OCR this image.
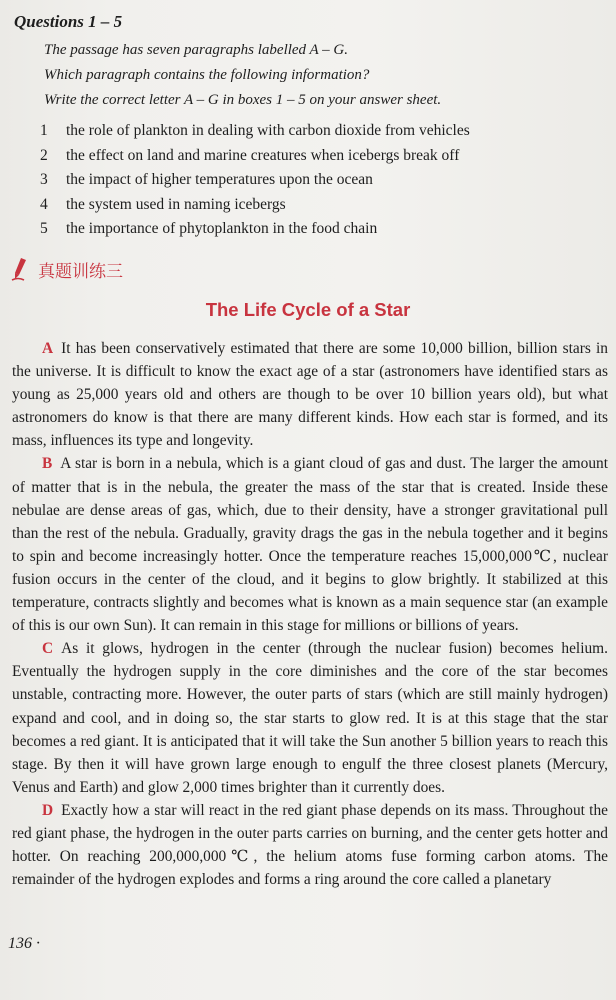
Questions 1 – 5
The passage has seven paragraphs labelled A – G.
Which paragraph contains the following information?
Write the correct letter A – G in boxes 1 – 5 on your answer sheet.
1 the role of plankton in dealing with carbon dioxide from vehicles
2 the effect on land and marine creatures when icebergs break off
3 the impact of higher temperatures upon the ocean
4 the system used in naming icebergs
5 the importance of phytoplankton in the food chain
真题训练三
The Life Cycle of a Star

A It has been conservatively estimated that there are some 10,000 billion, billion stars in the universe. It is difficult to know the exact age of a star (astronomers have identified stars as young as 25,000 years old and others are though to be over 10 billion years old), but what astronomers do know is that there are many different kinds. How each star is formed, and its mass, influences its type and longevity.

B A star is born in a nebula, which is a giant cloud of gas and dust. The larger the amount of matter that is in the nebula, the greater the mass of the star that is created. Inside these nebulae are dense areas of gas, which, due to their density, have a stronger gravitational pull than the rest of the nebula. Gradually, gravity drags the gas in the nebula together and it begins to spin and become increasingly hotter. Once the temperature reaches 15,000,000℃, nuclear fusion occurs in the center of the cloud, and it begins to glow brightly. It stabilized at this temperature, contracts slightly and becomes what is known as a main sequence star (an example of this is our own Sun). It can remain in this stage for millions or billions of years.

C As it glows, hydrogen in the center (through the nuclear fusion) becomes helium. Eventually the hydrogen supply in the core diminishes and the core of the star becomes unstable, contracting more. However, the outer parts of stars (which are still mainly hydrogen) expand and cool, and in doing so, the star starts to glow red. It is at this stage that the star becomes a red giant. It is anticipated that it will take the Sun another 5 billion years to reach this stage. By then it will have grown large enough to engulf the three closest planets (Mercury, Venus and Earth) and glow 2,000 times brighter than it currently does.

D Exactly how a star will react in the red giant phase depends on its mass. Throughout the red giant phase, the hydrogen in the outer parts carries on burning, and the center gets hotter and hotter. On reaching 200,000,000℃, the helium atoms fuse forming carbon atoms. The remainder of the hydrogen explodes and forms a ring around the core called a planetary

136 ·
